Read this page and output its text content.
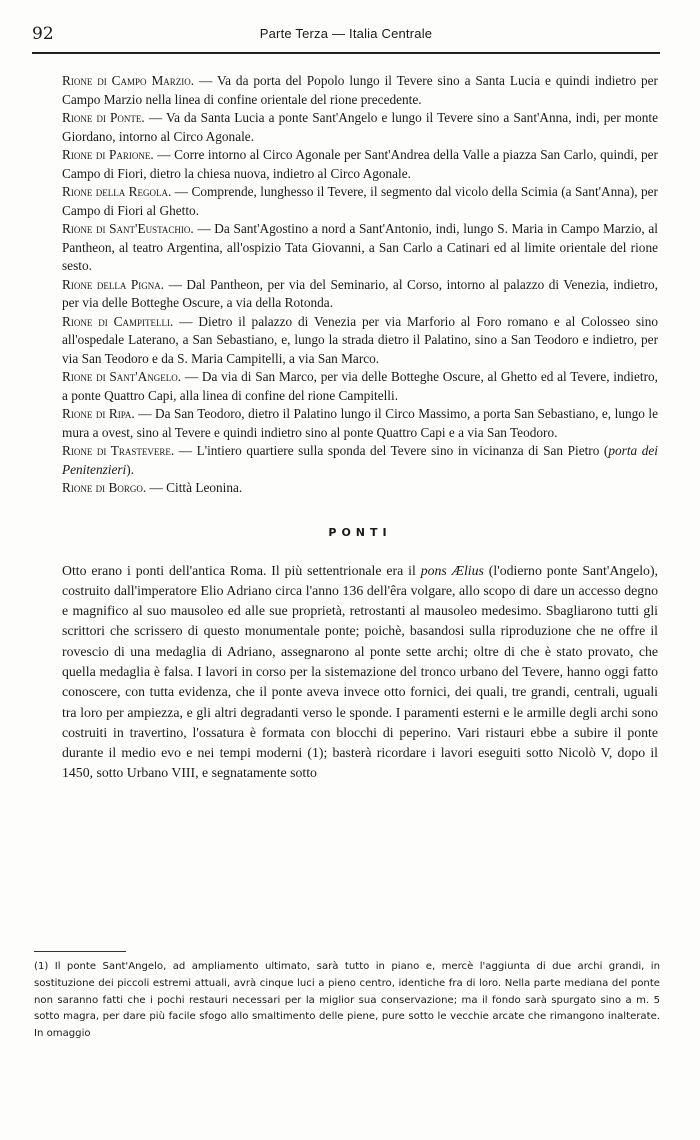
92	Parte Terza — Italia Centrale

Rione di Campo Marzio. — Va da porta del Popolo lungo il Tevere sino a Santa Lucia e quindi indietro per Campo Marzio nella linea di confine orientale del rione precedente.

Rione di Ponte. — Va da Santa Lucia a ponte Sant'Angelo e lungo il Tevere sino a Sant'Anna, indi, per monte Giordano, intorno al Circo Agonale.

Rione di Parione. — Corre intorno al Circo Agonale per Sant'Andrea della Valle a piazza San Carlo, quindi, per Campo di Fiori, dietro la chiesa nuova, indietro al Circo Agonale.

Rione della Regola. — Comprende, lunghesso il Tevere, il segmento dal vicolo della Scimia (a Sant'Anna), per Campo di Fiori al Ghetto.

Rione di Sant'Eustachio. — Da Sant'Agostino a nord a Sant'Antonio, indi, lungo S. Maria in Campo Marzio, al Pantheon, al teatro Argentina, all'ospizio Tata Giovanni, a San Carlo a Catinari ed al limite orientale del rione sesto.

Rione della Pigna. — Dal Pantheon, per via del Seminario, al Corso, intorno al palazzo di Venezia, indietro, per via delle Botteghe Oscure, a via della Rotonda.

Rione di Campitelli. — Dietro il palazzo di Venezia per via Marforio al Foro romano e al Colosseo sino all'ospedale Laterano, a San Sebastiano, e, lungo la strada dietro il Palatino, sino a San Teodoro e indietro, per via San Teodoro e da S. Maria Campitelli, a via San Marco.

Rione di Sant'Angelo. — Da via di San Marco, per via delle Botteghe Oscure, al Ghetto ed al Tevere, indietro, a ponte Quattro Capi, alla linea di confine del rione Campitelli.

Rione di Ripa. — Da San Teodoro, dietro il Palatino lungo il Circo Massimo, a porta San Sebastiano, e, lungo le mura a ovest, sino al Tevere e quindi indietro sino al ponte Quattro Capi e a via San Teodoro.

Rione di Trastevere. — L'intiero quartiere sulla sponda del Tevere sino in vicinanza di San Pietro (porta dei Penitenzieri).

Rione di Borgo. — Città Leonina.

PONTI

Otto erano i ponti dell'antica Roma. Il più settentrionale era il pons Ælius (l'odierno ponte Sant'Angelo), costruito dall'imperatore Elio Adriano circa l'anno 136 dell'êra volgare, allo scopo di dare un accesso degno e magnifico al suo mausoleo ed alle sue proprietà, retrostanti al mausoleo medesimo. Sbagliarono tutti gli scrittori che scrissero di questo monumentale ponte; poichè, basandosi sulla riproduzione che ne offre il rovescio di una medaglia di Adriano, assegnarono al ponte sette archi; oltre di che è stato provato, che quella medaglia è falsa. I lavori in corso per la sistemazione del tronco urbano del Tevere, hanno oggi fatto conoscere, con tutta evidenza, che il ponte aveva invece otto fornici, dei quali, tre grandi, centrali, uguali tra loro per ampiezza, e gli altri degradanti verso le sponde. I paramenti esterni e le armille degli archi sono costruiti in travertino, l'ossatura è formata con blocchi di peperino. Vari ristauri ebbe a subire il ponte durante il medio evo e nei tempi moderni (1); basterà ricordare i lavori eseguiti sotto Nicolò V, dopo il 1450, sotto Urbano VIII, e segnatamente sotto

(1) Il ponte Sant'Angelo, ad ampliamento ultimato, sarà tutto in piano e, mercè l'aggiunta di due archi grandi, in sostituzione dei piccoli estremi attuali, avrà cinque luci a pieno centro, identiche fra di loro. Nella parte mediana del ponte non saranno fatti che i pochi restauri necessari per la miglior sua conservazione; ma il fondo sarà spurgato sino a m. 5 sotto magra, per dare più facile sfogo allo smaltimento delle piene, pure sotto le vecchie arcate che rimangono inalterate. In omaggio
